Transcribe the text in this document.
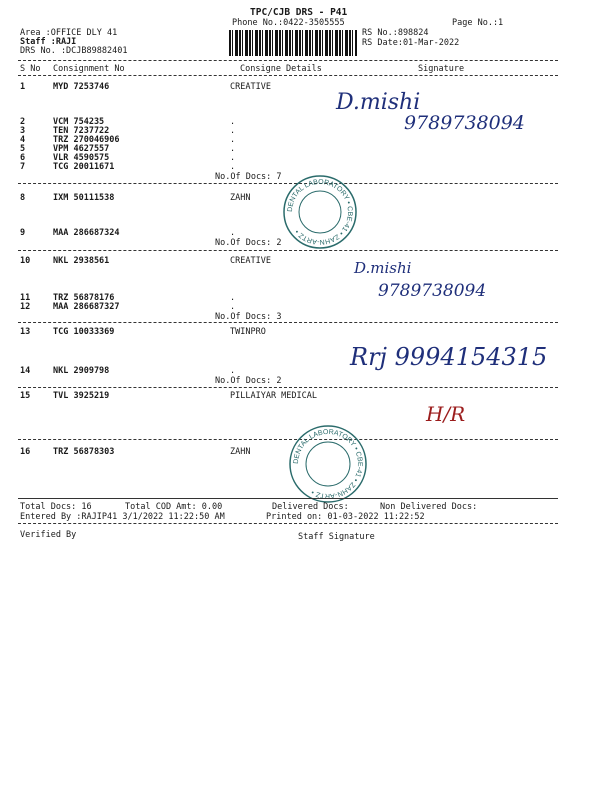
TPC/CJB DRS - P41
Phone No.:0422-3505555	Page No.:1
Area :OFFICE DLY 41
Staff :RAJI
DRS No. :DCJB89882401
RS No.:898824
RS Date:01-Mar-2022
S No Consignment No	Consigne Details	Signature
1	MYD 7253746	CREATIVE
2	VCM 754235	.
3	TEN 7237722	.
4	TRZ 270046906	.
5	VPM 4627557	.
6	VLR 4590575	.
7	TCG 20011671	.
No.Of Docs: 7
8	IXM 50111538	ZAHN
9	MAA 286687324	.
No.Of Docs: 2
10	NKL 2938561	CREATIVE
11	TRZ 56878176	.
12	MAA 286687327	.
No.Of Docs: 3
13	TCG 10033369	TWINPRO
14	NKL 2909798	.
No.Of Docs: 2
15	TVL 3925219	PILLAIYAR MEDICAL
16	TRZ 56878303	ZAHN
D.mishi
9789738094
D.mishi
9789738094
Rrj 9994154315
H/R
DENTAL LABORATORY • CBE-41 • ZAHN-ARTZ •
DENTAL LABORATORY • CBE-41 • ZAHN-ARTZ •
Total Docs: 16	Total COD Amt: 0.00	Delivered Docs:	Non Delivered Docs:
Entered By :RAJIP41 3/1/2022 11:22:50 AM	Printed on: 01-03-2022 11:22:52
Verified By	Staff Signature
